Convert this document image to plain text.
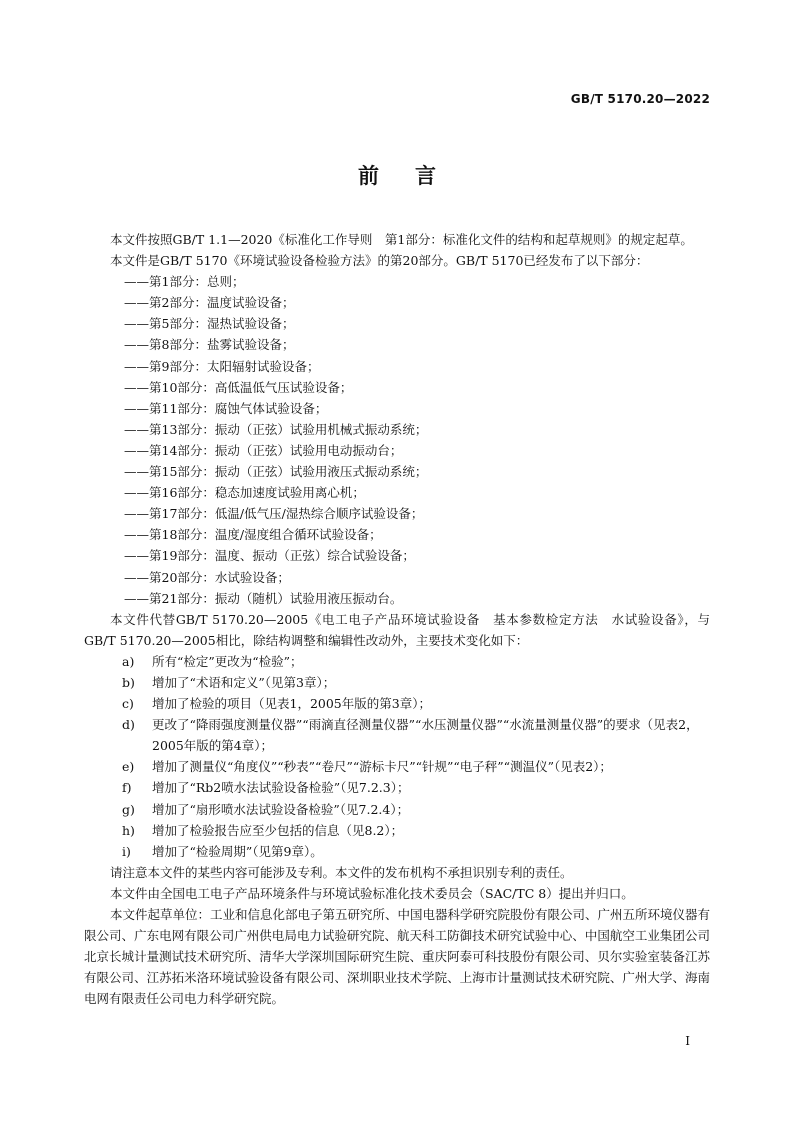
GB/T 5170.20—2022
前言

本文件按照GB/T 1.1—2020《标准化工作导则　第1部分：标准化文件的结构和起草规则》的规定起草。

本文件是GB/T 5170《环境试验设备检验方法》的第20部分。GB/T 5170已经发布了以下部分：

——第1部分：总则；

——第2部分：温度试验设备；

——第5部分：湿热试验设备；

——第8部分：盐雾试验设备；

——第9部分：太阳辐射试验设备；

——第10部分：高低温低气压试验设备；

——第11部分：腐蚀气体试验设备；

——第13部分：振动（正弦）试验用机械式振动系统；

——第14部分：振动（正弦）试验用电动振动台；

——第15部分：振动（正弦）试验用液压式振动系统；

——第16部分：稳态加速度试验用离心机；

——第17部分：低温/低气压/湿热综合顺序试验设备；

——第18部分：温度/湿度组合循环试验设备；

——第19部分：温度、振动（正弦）综合试验设备；

——第20部分：水试验设备；

——第21部分：振动（随机）试验用液压振动台。

本文件代替GB/T 5170.20—2005《电工电子产品环境试验设备　基本参数检定方法　水试验设备》，与GB/T 5170.20—2005相比，除结构调整和编辑性改动外，主要技术变化如下：

a)	所有“检定”更改为“检验”；
b)	增加了“术语和定义”（见第3章）；
c)	增加了检验的项目（见表1，2005年版的第3章）；
d)	更改了“降雨强度测量仪器”“雨滴直径测量仪器”“水压测量仪器”“水流量测量仪器”的要求（见表2，2005年版的第4章）；
e)	增加了测量仪“角度仪”“秒表”“卷尺”“游标卡尺”“针规”“电子秤”“测温仪”（见表2）；
f)	增加了“Rb2喷水法试验设备检验”（见7.2.3）；
g)	增加了“扇形喷水法试验设备检验”（见7.2.4）；
h)	增加了检验报告应至少包括的信息（见8.2）；
i)	增加了“检验周期”（见第9章）。

请注意本文件的某些内容可能涉及专利。本文件的发布机构不承担识别专利的责任。

本文件由全国电工电子产品环境条件与环境试验标准化技术委员会（SAC/TC 8）提出并归口。

本文件起草单位：工业和信息化部电子第五研究所、中国电器科学研究院股份有限公司、广州五所环境仪器有限公司、广东电网有限公司广州供电局电力试验研究院、航天科工防御技术研究试验中心、中国航空工业集团公司北京长城计量测试技术研究所、清华大学深圳国际研究生院、重庆阿泰可科技股份有限公司、贝尔实验室装备江苏有限公司、江苏拓米洛环境试验设备有限公司、深圳职业技术学院、上海市计量测试技术研究院、广州大学、海南电网有限责任公司电力科学研究院。

I
